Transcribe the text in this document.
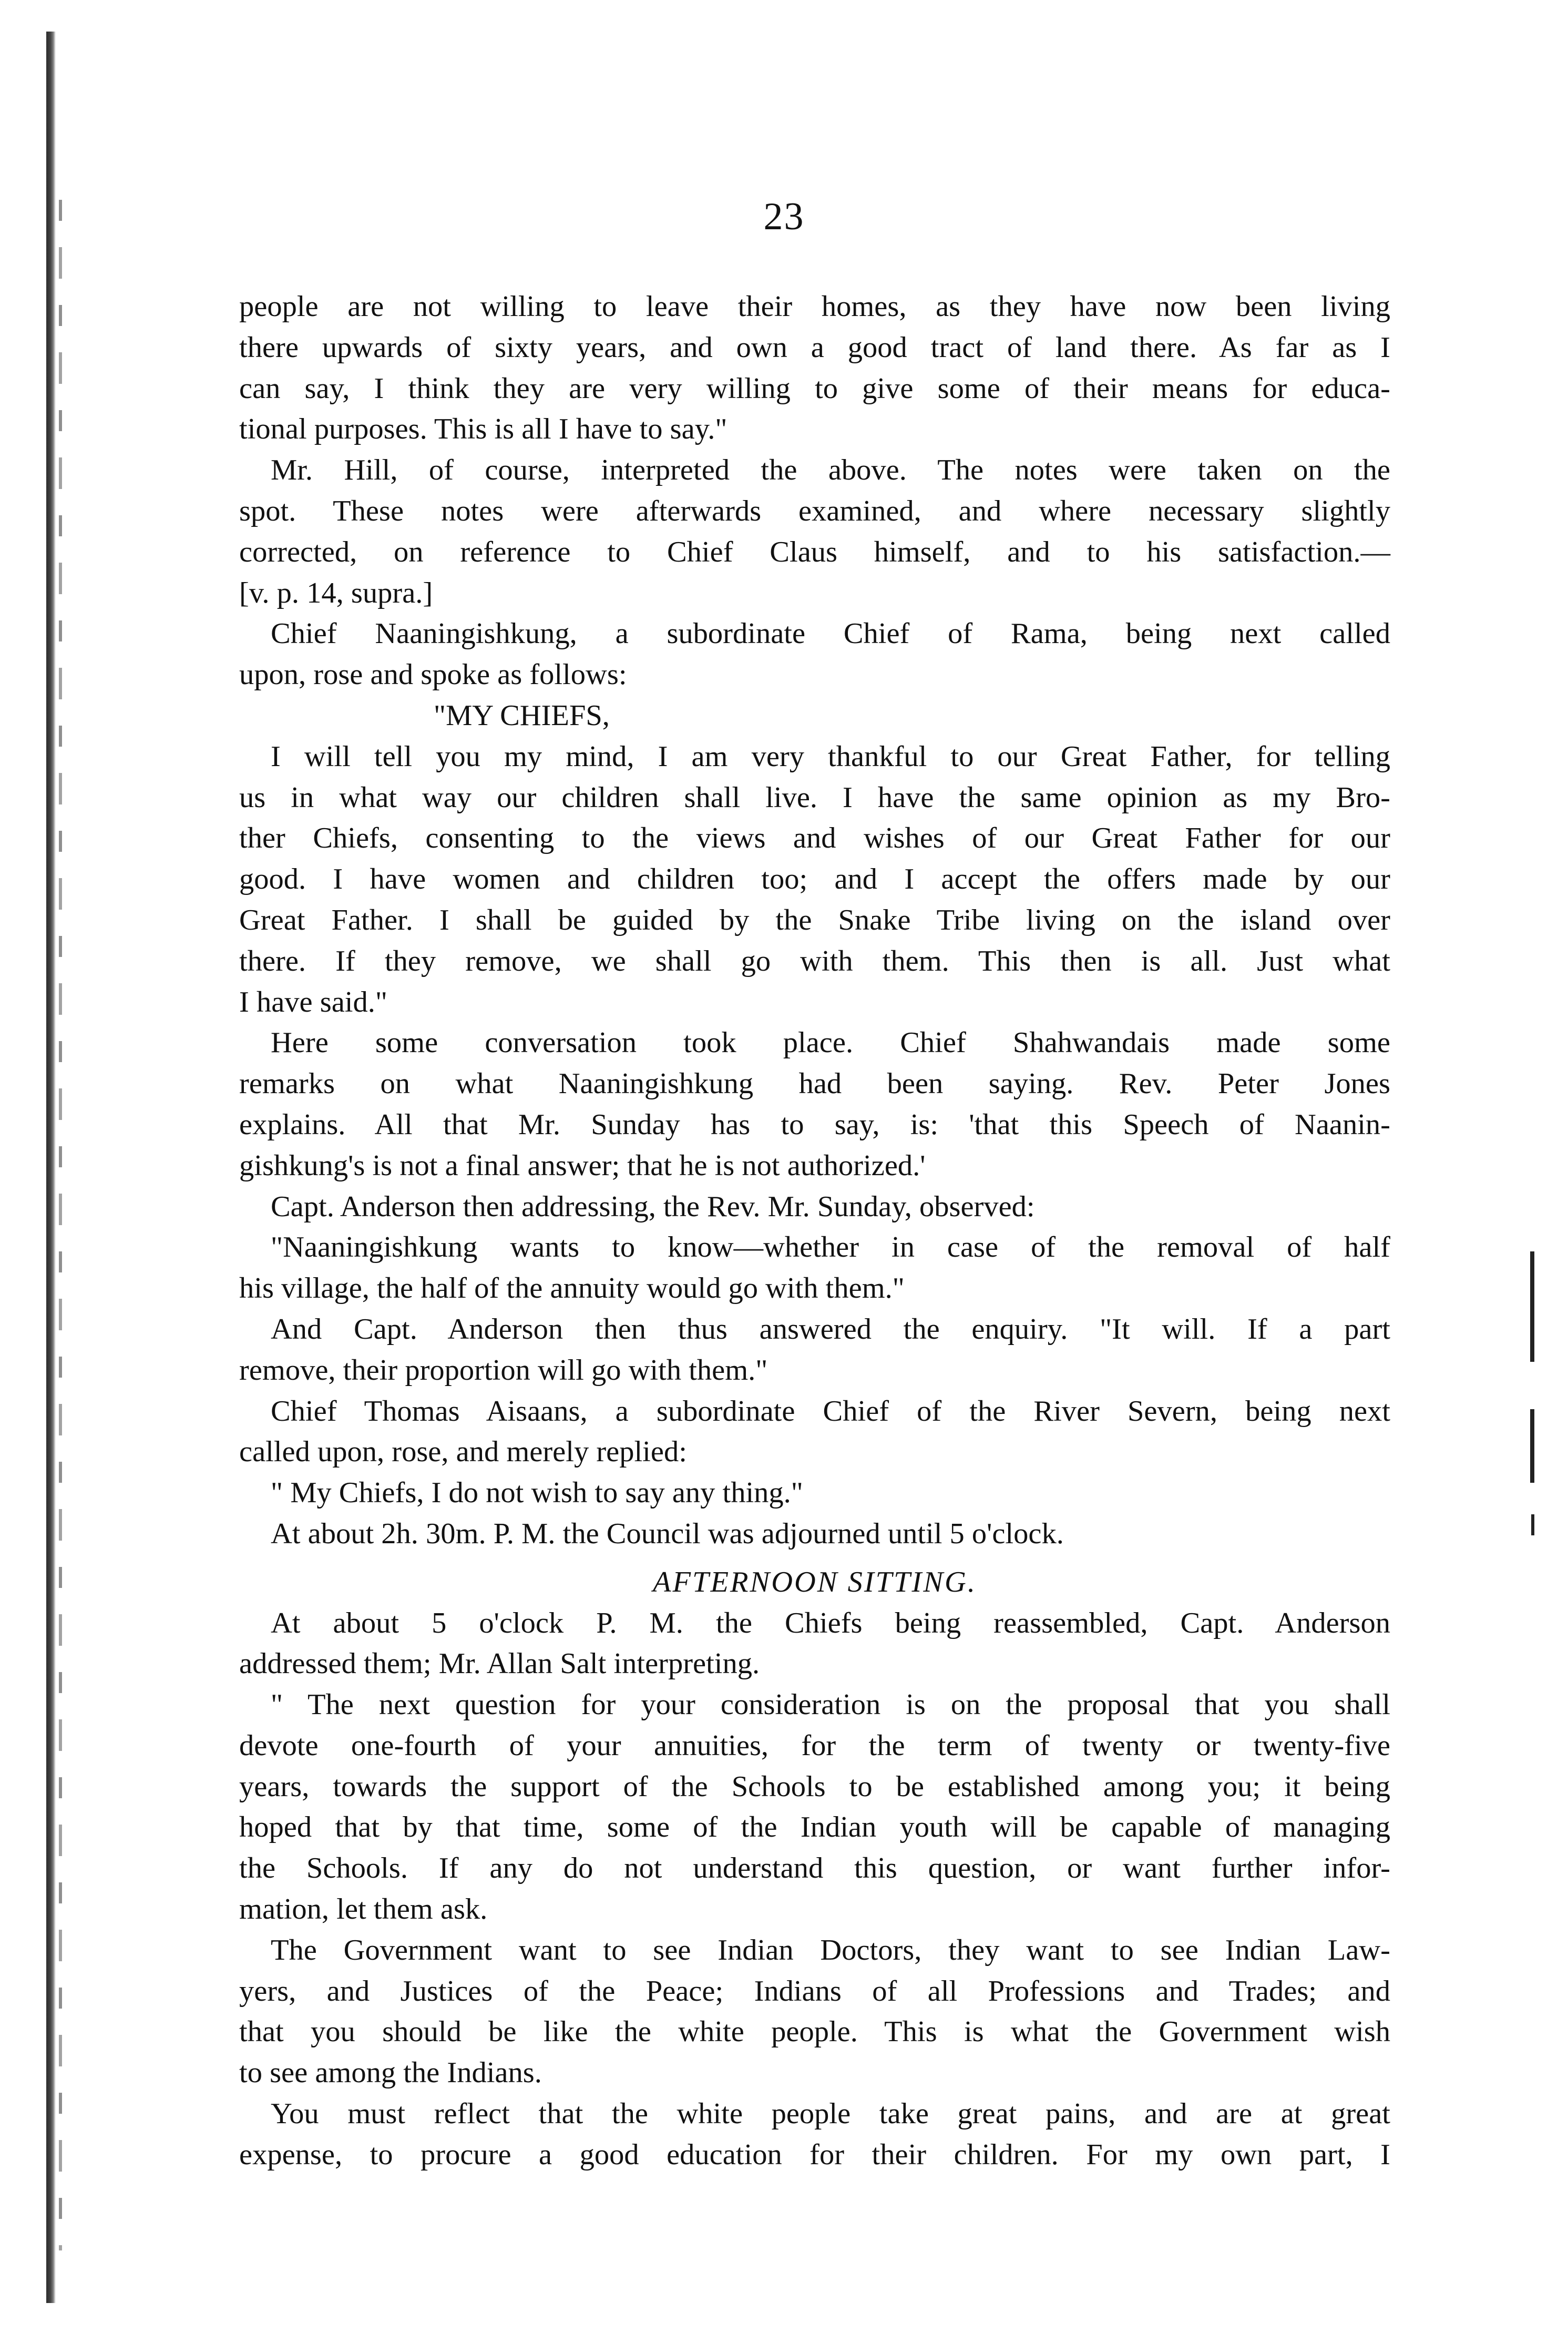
23
people are not willing to leave their homes, as they have now been living
there upwards of sixty years, and own a good tract of land there. As far as I
can say, I think they are very willing to give some of their means for educa-
tional purposes. This is all I have to say."
Mr. Hill, of course, interpreted the above. The notes were taken on the
spot. These notes were afterwards examined, and where necessary slightly
corrected, on reference to Chief Claus himself, and to his satisfaction.—
[v. p. 14, supra.]
Chief Naaningishkung, a subordinate Chief of Rama, being next called
upon, rose and spoke as follows:
"MY CHIEFS,
I will tell you my mind, I am very thankful to our Great Father, for telling
us in what way our children shall live. I have the same opinion as my Bro-
ther Chiefs, consenting to the views and wishes of our Great Father for our
good. I have women and children too; and I accept the offers made by our
Great Father. I shall be guided by the Snake Tribe living on the island over
there. If they remove, we shall go with them. This then is all. Just what
I have said."
Here some conversation took place. Chief Shahwandais made some
remarks on what Naaningishkung had been saying. Rev. Peter Jones
explains. All that Mr. Sunday has to say, is: 'that this Speech of Naanin-
gishkung's is not a final answer; that he is not authorized.'
Capt. Anderson then addressing, the Rev. Mr. Sunday, observed:
"Naaningishkung wants to know—whether in case of the removal of half
his village, the half of the annuity would go with them."
And Capt. Anderson then thus answered the enquiry. "It will. If a part
remove, their proportion will go with them."
Chief Thomas Aisaans, a subordinate Chief of the River Severn, being next
called upon, rose, and merely replied:
" My Chiefs, I do not wish to say any thing."
At about 2h. 30m. P. M. the Council was adjourned until 5 o'clock.
AFTERNOON SITTING.
At about 5 o'clock P. M. the Chiefs being reassembled, Capt. Anderson
addressed them; Mr. Allan Salt interpreting.
" The next question for your consideration is on the proposal that you shall
devote one-fourth of your annuities, for the term of twenty or twenty-five
years, towards the support of the Schools to be established among you; it being
hoped that by that time, some of the Indian youth will be capable of managing
the Schools. If any do not understand this question, or want further infor-
mation, let them ask.
The Government want to see Indian Doctors, they want to see Indian Law-
yers, and Justices of the Peace; Indians of all Professions and Trades; and
that you should be like the white people. This is what the Government wish
to see among the Indians.
You must reflect that the white people take great pains, and are at great
expense, to procure a good education for their children. For my own part, I
